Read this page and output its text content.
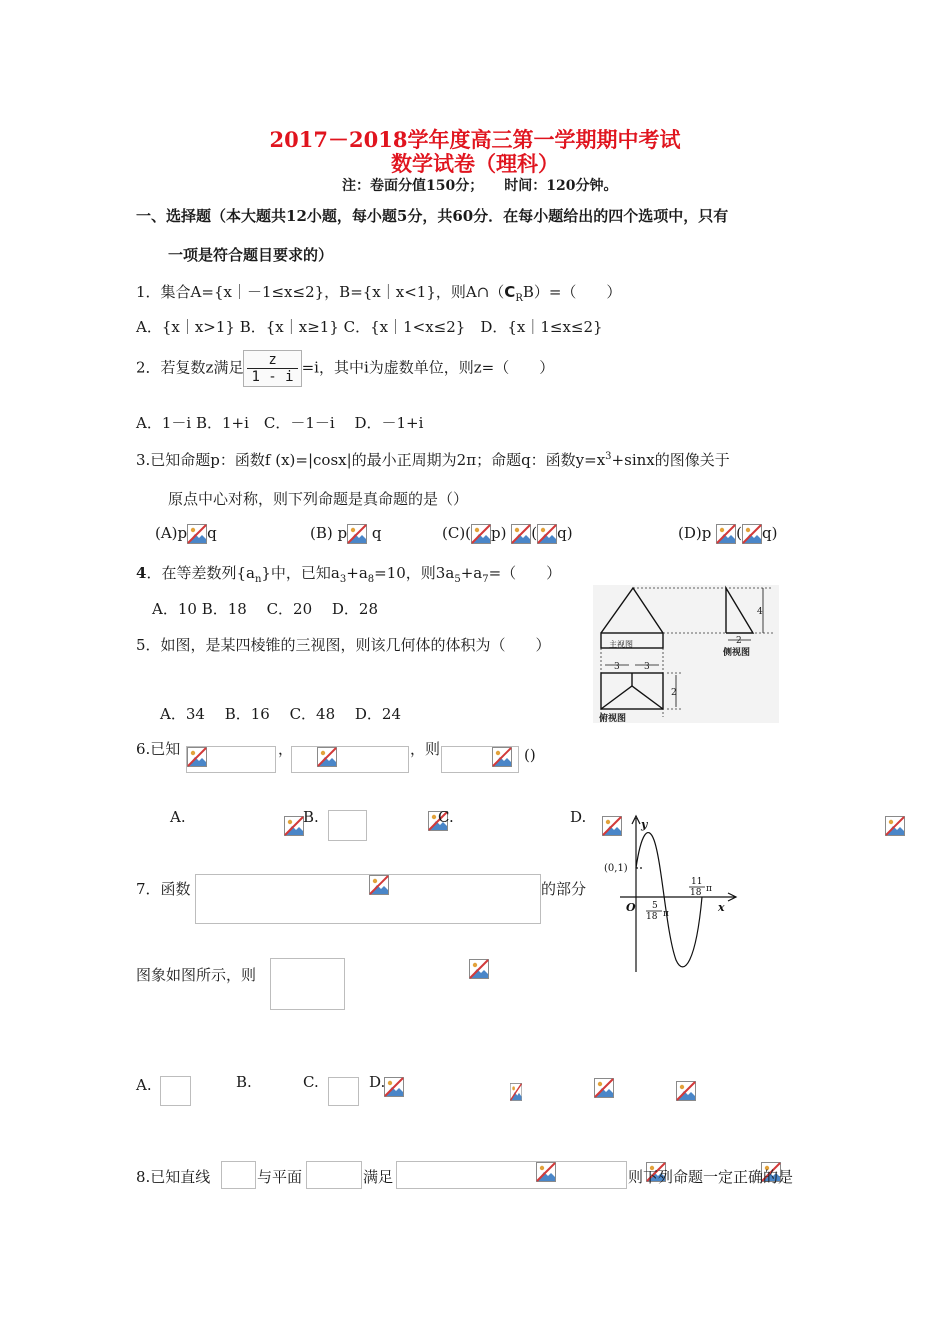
2017－2018学年度高三第一学期期中考试
数学试卷（理科）
注：卷面分值150分；　　时间：120分钟。
一、选择题（本大题共12小题，每小题5分，共60分．在每小题给出的四个选项中，只有
一项是符合题目要求的）
1．集合A={x｜－1≤x≤2}，B={x｜x<1}，则$A\cap(C_RB)=$（　　）
A．{x｜x>1} B．{x｜x≥1} C．{x｜1<x≤2}　D．{x｜1≤x≤2}
2．若复数z满足 $\frac{z}{1 - i} =i$，其中i为虚数单位，则z=（　　）
A．1－i B．1+i　C．－1－i　 D．－1+i
3.已知命题p：函数f (x)=|cosx|的最小正周期为2π；命题q：函数$y=x^3+\sin x$的图像关于
原点中心对称，则下列命题是真命题的是（）
(A)p q	(B) p q	(C)( p) ( q)	(D)p ( q)
4．在等差数列$\{a_n\}$中，已知$a_3+a_8=10$，则$3a_5+a_7=$（　　）
A．10 B．18　 C．20　 D．28
5．如图，是某四棱锥的三视图，则该几何体的体积为（　　）
A．34　 B．16　 C．48　 D．24
主视图
侧视图
俯视图
4
2
3	3
2
6.已知
	，
	，则
	()
A.
	B.
	C.
	D.

7．函数
	的部分
图象如图所示，则

A.
	B.
	C.
	D.

y
x
O
(0,1)
5
18 π
11
18 π
8.已知直线
	与平面
	满足	则下列命题一定正确的是
